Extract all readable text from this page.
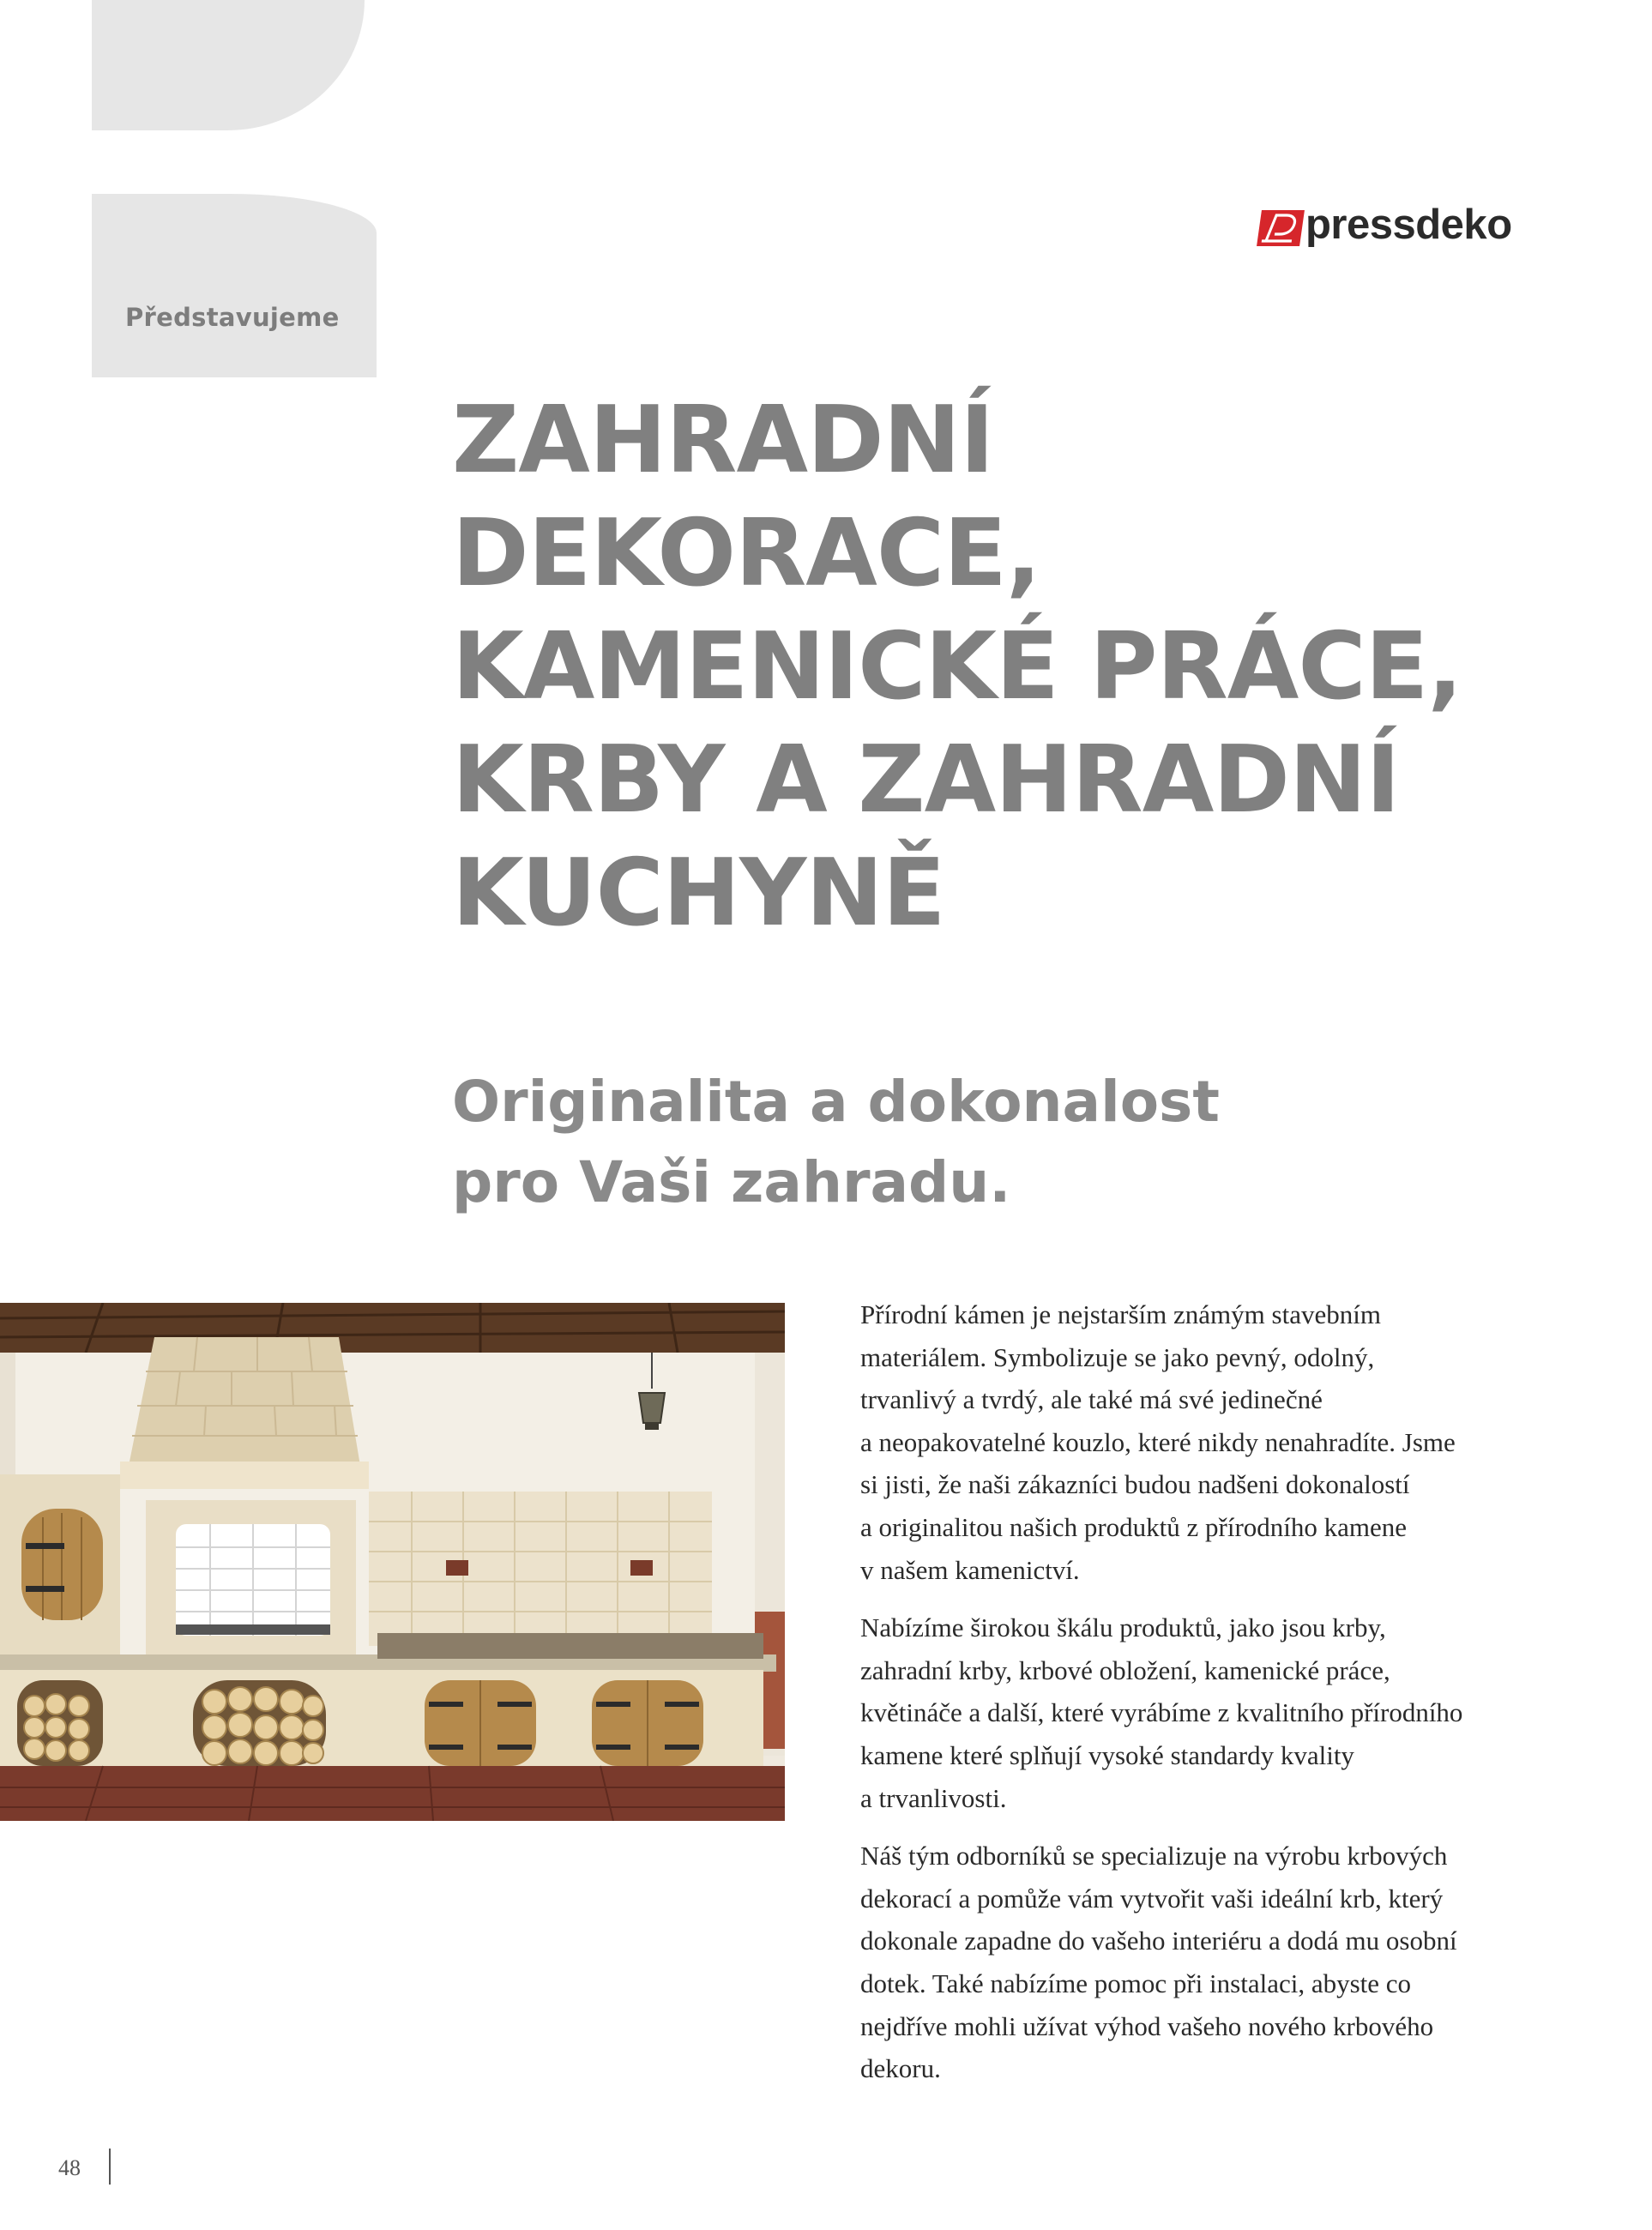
Představujeme
pressdeko
ZAHRADNÍ
DEKORACE,
KAMENICKÉ PRÁCE,
KRBY A ZAHRADNÍ
KUCHYNĚ
Originalita a dokonalost
pro Vaši zahradu.

Přírodní kámen je nejstarším známým stavebním
materiálem. Symbolizuje se jako pevný, odolný,
trvanlivý a tvrdý, ale také má své jedinečné
a neopakovatelné kouzlo, které nikdy nenahradíte. Jsme
si jisti, že naši zákazníci budou nadšeni dokonalostí
a originalitou našich produktů z přírodního kamene
v našem kamenictví.

Nabízíme širokou škálu produktů, jako jsou krby,
zahradní krby, krbové obložení, kamenické práce,
květináče a další, které vyrábíme z kvalitního přírodního
kamene které splňují vysoké standardy kvality
a trvanlivosti.

Náš tým odborníků se specializuje na výrobu krbových
dekorací a pomůže vám vytvořit vaši ideální krb, který
dokonale zapadne do vašeho interiéru a dodá mu osobní
dotek. Také nabízíme pomoc při instalaci, abyste co
nejdříve mohli užívat výhod vašeho nového krbového
dekoru.

48
